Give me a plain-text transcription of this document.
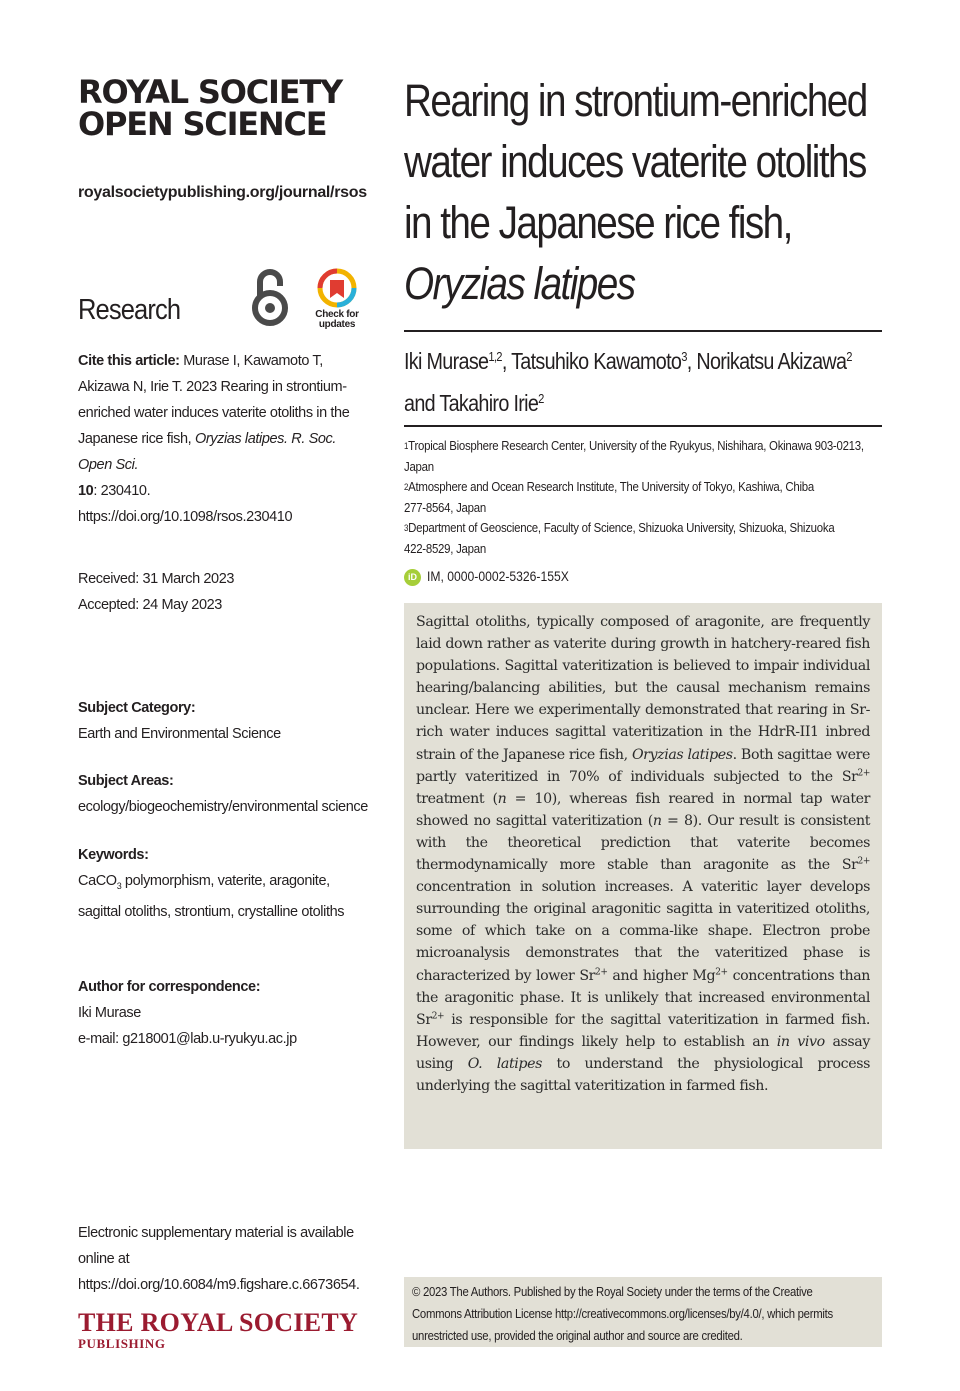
ROYAL SOCIETY
OPEN SCIENCE
royalsocietypublishing.org/journal/rsos
Research	Check for
updates
Cite this article: Murase I, Kawamoto T, Akizawa N, Irie T. 2023 Rearing in strontium-enriched water induces vaterite otoliths in the Japanese rice fish, Oryzias latipes. R. Soc. Open Sci.
10: 230410.
https://doi.org/10.1098/rsos.230410
Received: 31 March 2023
Accepted: 24 May 2023
Subject Category:
Earth and Environmental Science
Subject Areas:
ecology/biogeochemistry/environmental science
Keywords:
CaCO$_3$ polymorphism, vaterite, aragonite, sagittal otoliths, strontium, crystalline otoliths
Author for correspondence:
Iki Murase
e-mail: g218001@lab.u-ryukyu.ac.jp
Electronic supplementary material is available online at https://doi.org/10.6084/m9.figshare.c.6673654.
THE ROYAL SOCIETY
PUBLISHING
Rearing in strontium-enriched
water induces vaterite otoliths
in the Japanese rice fish,
Oryzias latipes
Iki Murase$^{1,2}$, Tatsuhiko Kawamoto$^3$, Norikatsu Akizawa$^2$
and Takahiro Irie$^2$
$^1$Tropical Biosphere Research Center, University of the Ryukyus, Nishihara, Okinawa 903-0213,
Japan
$^2$Atmosphere and Ocean Research Institute, The University of Tokyo, Kashiwa, Chiba
277-8564, Japan
$^3$Department of Geoscience, Faculty of Science, Shizuoka University, Shizuoka, Shizuoka
422-8529, Japan
iD IM, 0000-0002-5326-155X
Sagittal otoliths, typically composed of aragonite, are frequently laid down rather as vaterite during growth in hatchery-reared fish populations. Sagittal vateritization is believed to impair individual hearing/balancing abilities, but the causal mechanism remains unclear. Here we experimentally demonstrated that rearing in Sr-rich water induces sagittal vateritization in the HdrR-II1 inbred strain of the Japanese rice fish, Oryzias latipes. Both sagittae were partly vateritized in 70% of individuals subjected to the $Sr^{2+}$ treatment (n = 10), whereas fish reared in normal tap water showed no sagittal vateritization (n = 8). Our result is consistent with the theoretical prediction that vaterite becomes thermodynamically more stable than aragonite as the $Sr^{2+}$ concentration in solution increases. A vateritic layer develops surrounding the original aragonitic sagitta in vateritized otoliths, some of which take on a comma-like shape. Electron probe microanalysis demonstrates that the vateritized phase is characterized by lower $Sr^{2+}$ and higher $Mg^{2+}$ concentrations than the aragonitic phase. It is unlikely that increased environmental $Sr^{2+}$ is responsible for the sagittal vateritization in farmed fish. However, our findings likely help to establish an in vivo assay using O. latipes to understand the physiological process underlying the sagittal vateritization in farmed fish.
© 2023 The Authors. Published by the Royal Society under the terms of the Creative
Commons Attribution License http://creativecommons.org/licenses/by/4.0/, which permits
unrestricted use, provided the original author and source are credited.
